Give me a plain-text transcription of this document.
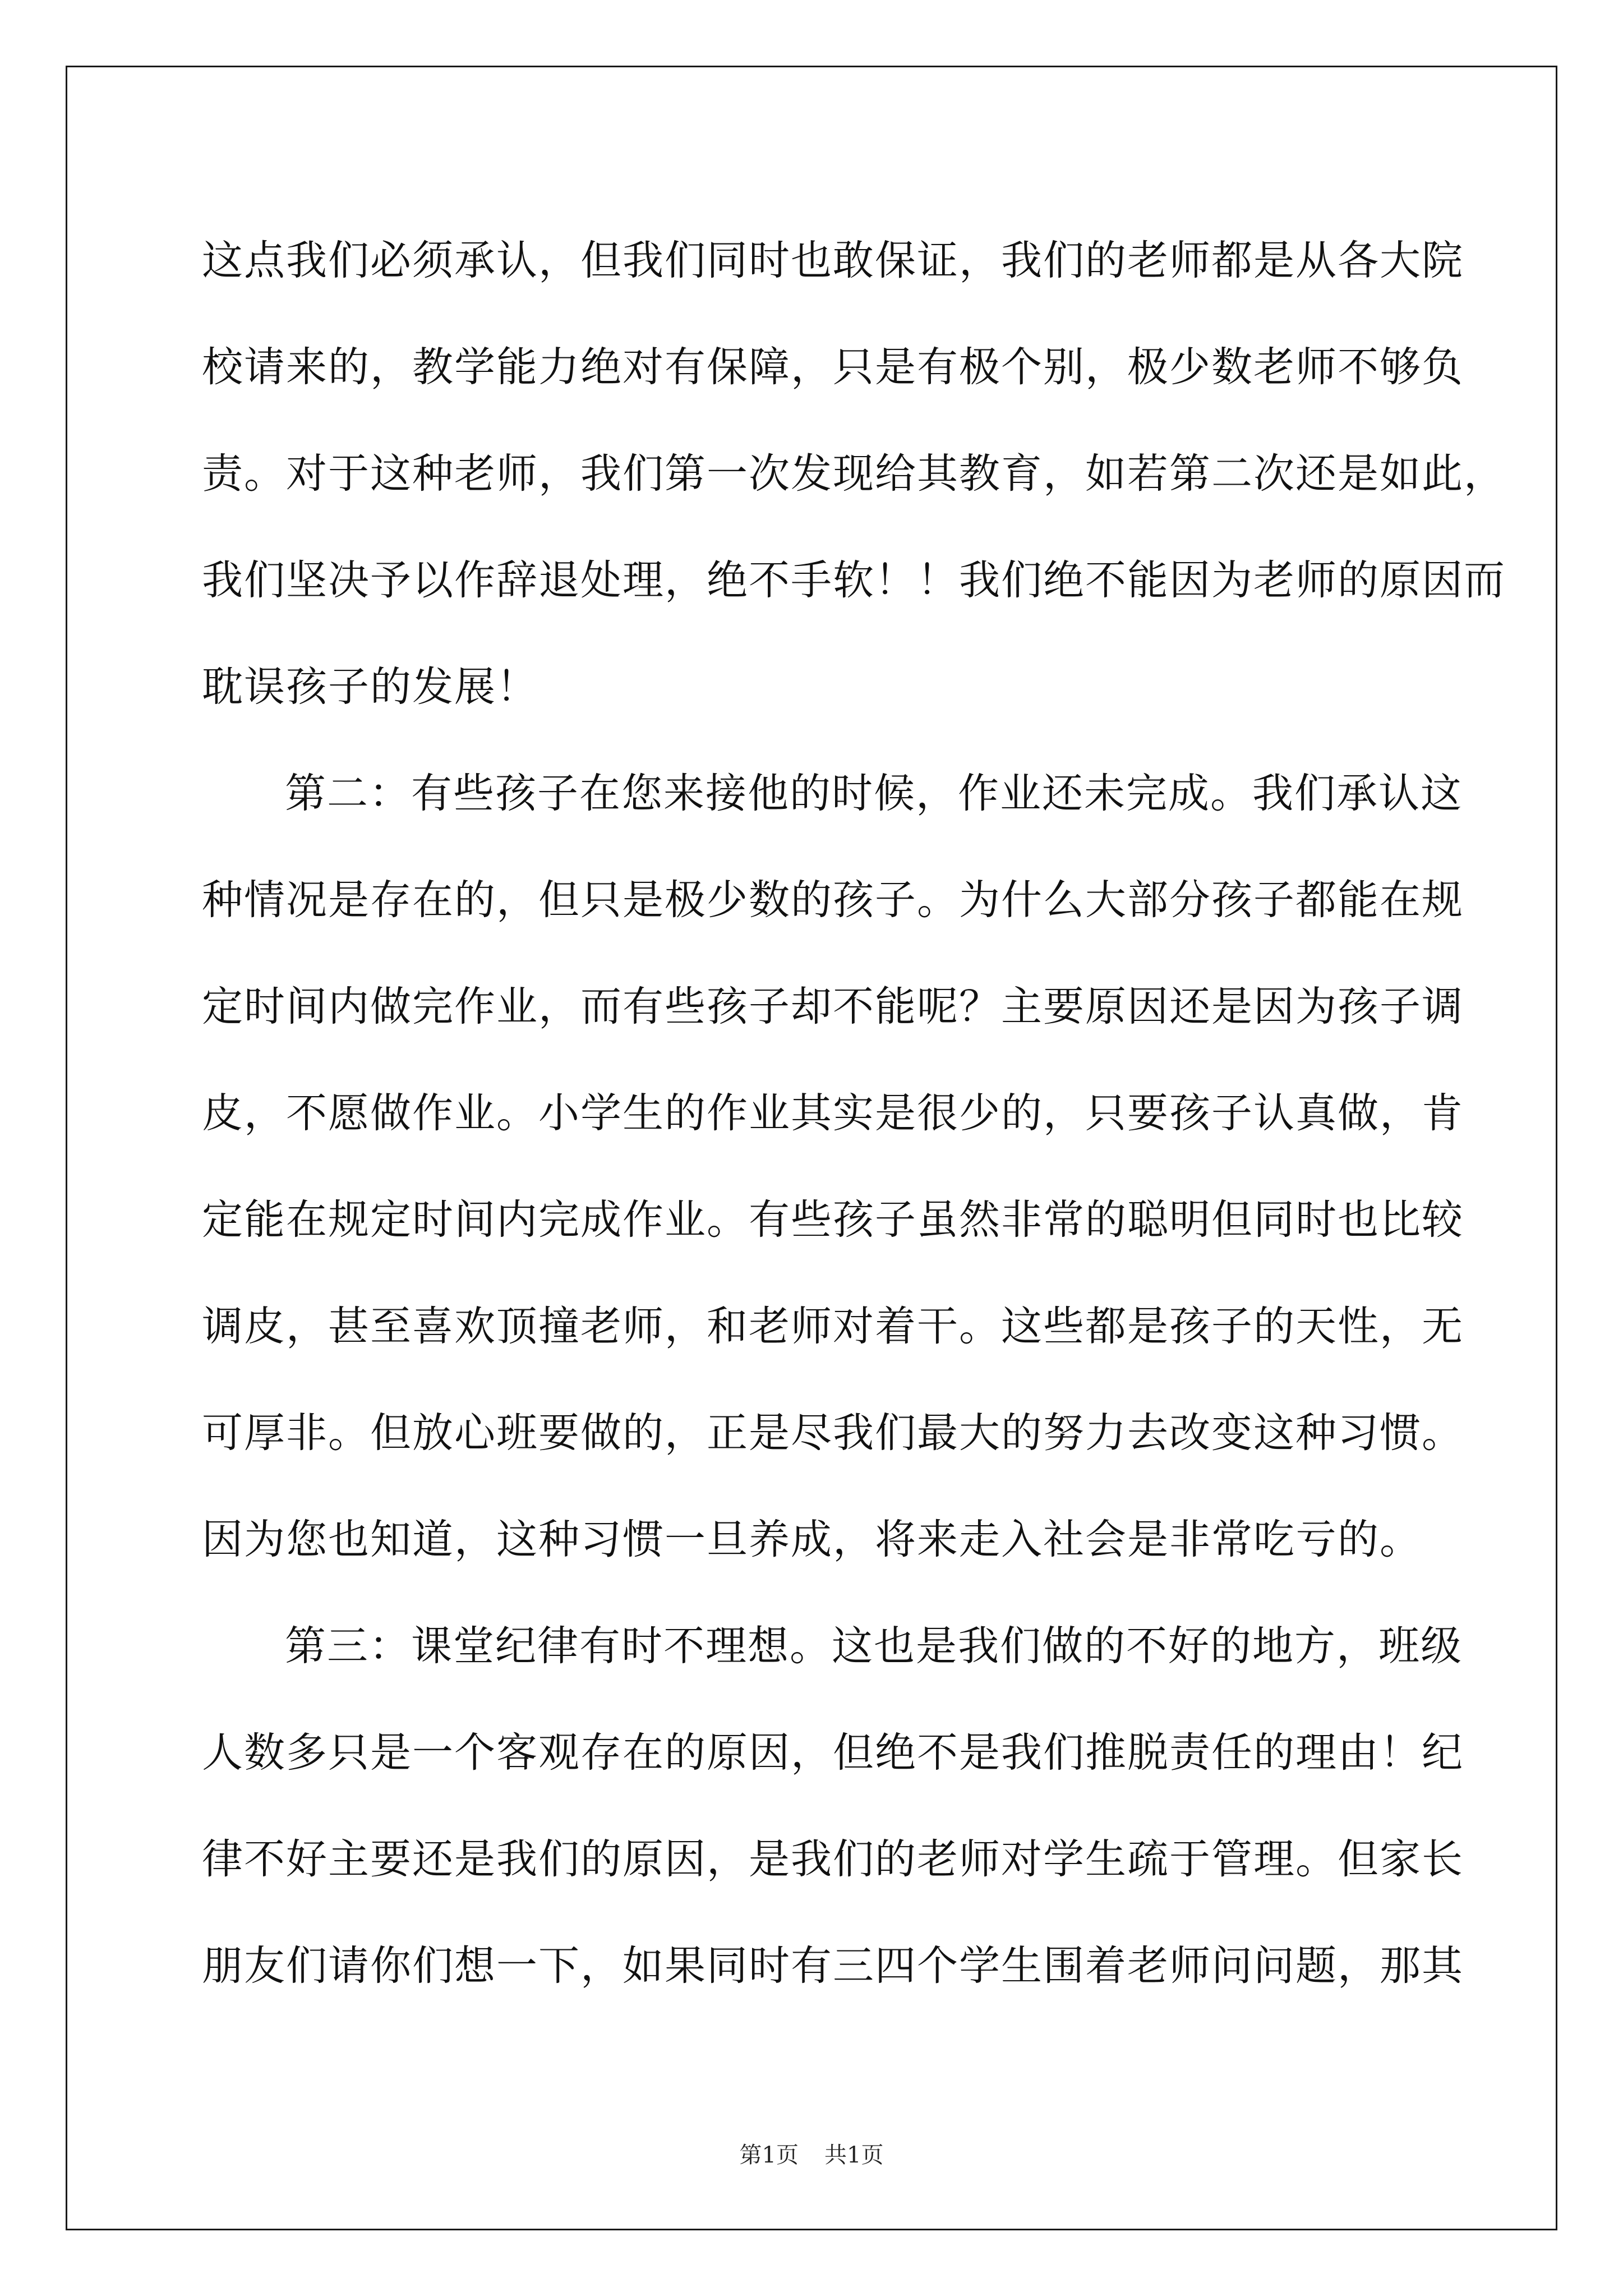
这点我们必须承认，但我们同时也敢保证，我们的老师都是从各大院
校请来的，教学能力绝对有保障，只是有极个别，极少数老师不够负
责。对于这种老师，我们第一次发现给其教育，如若第二次还是如此，
我们坚决予以作辞退处理，绝不手软！！我们绝不能因为老师的原因而
耽误孩子的发展！
第二：有些孩子在您来接他的时候，作业还未完成。我们承认这
种情况是存在的，但只是极少数的孩子。为什么大部分孩子都能在规
定时间内做完作业，而有些孩子却不能呢？主要原因还是因为孩子调
皮，不愿做作业。小学生的作业其实是很少的，只要孩子认真做，肯
定能在规定时间内完成作业。有些孩子虽然非常的聪明但同时也比较
调皮，甚至喜欢顶撞老师，和老师对着干。这些都是孩子的天性，无
可厚非。但放心班要做的，正是尽我们最大的努力去改变这种习惯。
因为您也知道，这种习惯一旦养成，将来走入社会是非常吃亏的。
第三：课堂纪律有时不理想。这也是我们做的不好的地方，班级
人数多只是一个客观存在的原因，但绝不是我们推脱责任的理由！纪
律不好主要还是我们的原因，是我们的老师对学生疏于管理。但家长
朋友们请你们想一下，如果同时有三四个学生围着老师问问题，那其
第1页 共1页
